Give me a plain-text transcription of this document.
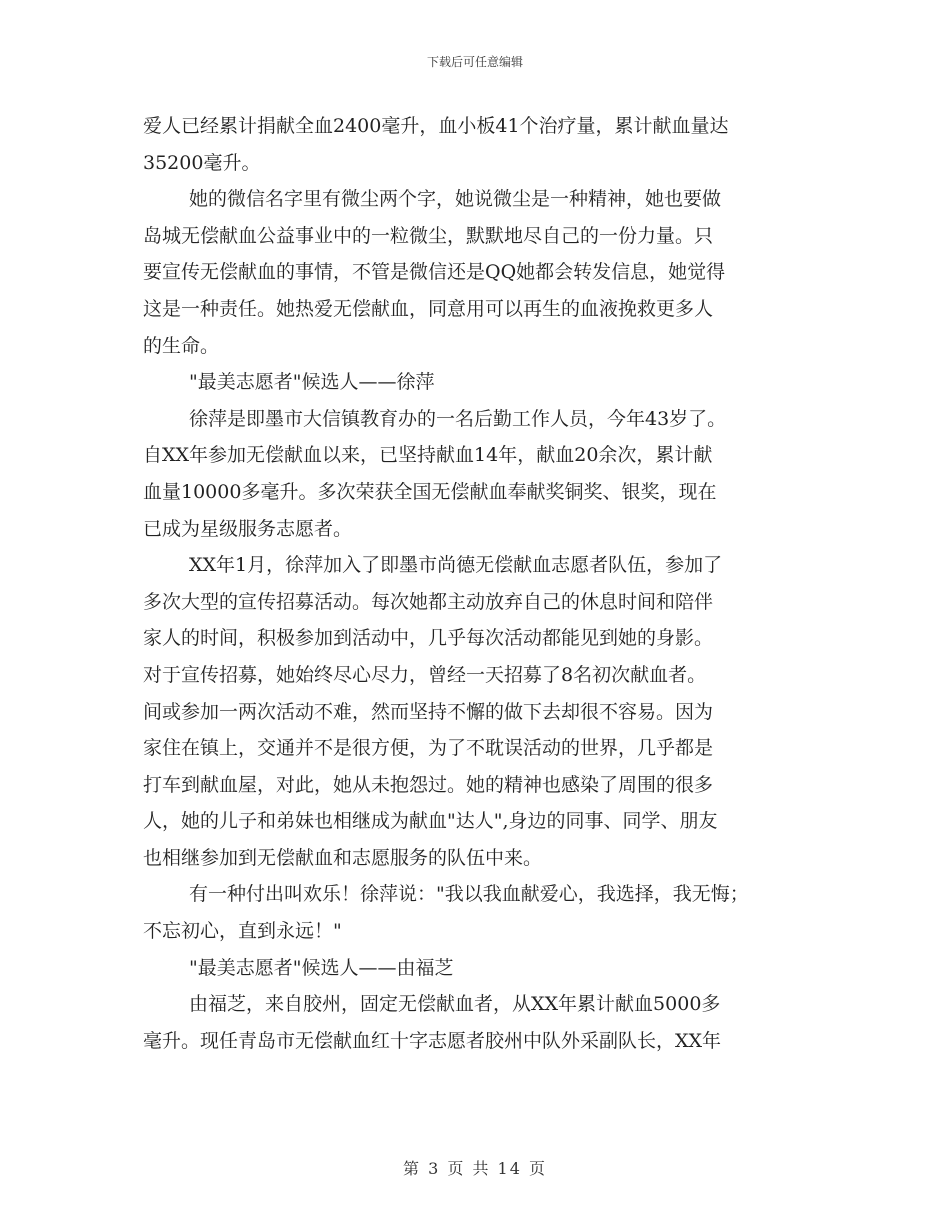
下载后可任意编辑
爱人已经累计捐献全血2400毫升，血小板41个治疗量，累计献血量达
35200毫升。
她的微信名字里有微尘两个字，她说微尘是一种精神，她也要做
岛城无偿献血公益事业中的一粒微尘，默默地尽自己的一份力量。只
要宣传无偿献血的事情，不管是微信还是QQ她都会转发信息，她觉得
这是一种责任。她热爱无偿献血，同意用可以再生的血液挽救更多人
的生命。
"最美志愿者"候选人——徐萍
徐萍是即墨市大信镇教育办的一名后勤工作人员，今年43岁了。
自XX年参加无偿献血以来，已坚持献血14年，献血20余次，累计献
血量10000多毫升。多次荣获全国无偿献血奉献奖铜奖、银奖，现在
已成为星级服务志愿者。
XX年1月，徐萍加入了即墨市尚德无偿献血志愿者队伍，参加了
多次大型的宣传招募活动。每次她都主动放弃自己的休息时间和陪伴
家人的时间，积极参加到活动中，几乎每次活动都能见到她的身影。
对于宣传招募，她始终尽心尽力，曾经一天招募了8名初次献血者。
间或参加一两次活动不难，然而坚持不懈的做下去却很不容易。因为
家住在镇上，交通并不是很方便，为了不耽误活动的世界，几乎都是
打车到献血屋，对此，她从未抱怨过。她的精神也感染了周围的很多
人，她的儿子和弟妹也相继成为献血"达人",身边的同事、同学、朋友
也相继参加到无偿献血和志愿服务的队伍中来。
有一种付出叫欢乐！徐萍说："我以我血献爱心，我选择，我无悔；
不忘初心，直到永远！"
"最美志愿者"候选人——由福芝
由福芝，来自胶州，固定无偿献血者，从XX年累计献血5000多
毫升。现任青岛市无偿献血红十字志愿者胶州中队外采副队长，XX年
第 3 页 共 14 页
